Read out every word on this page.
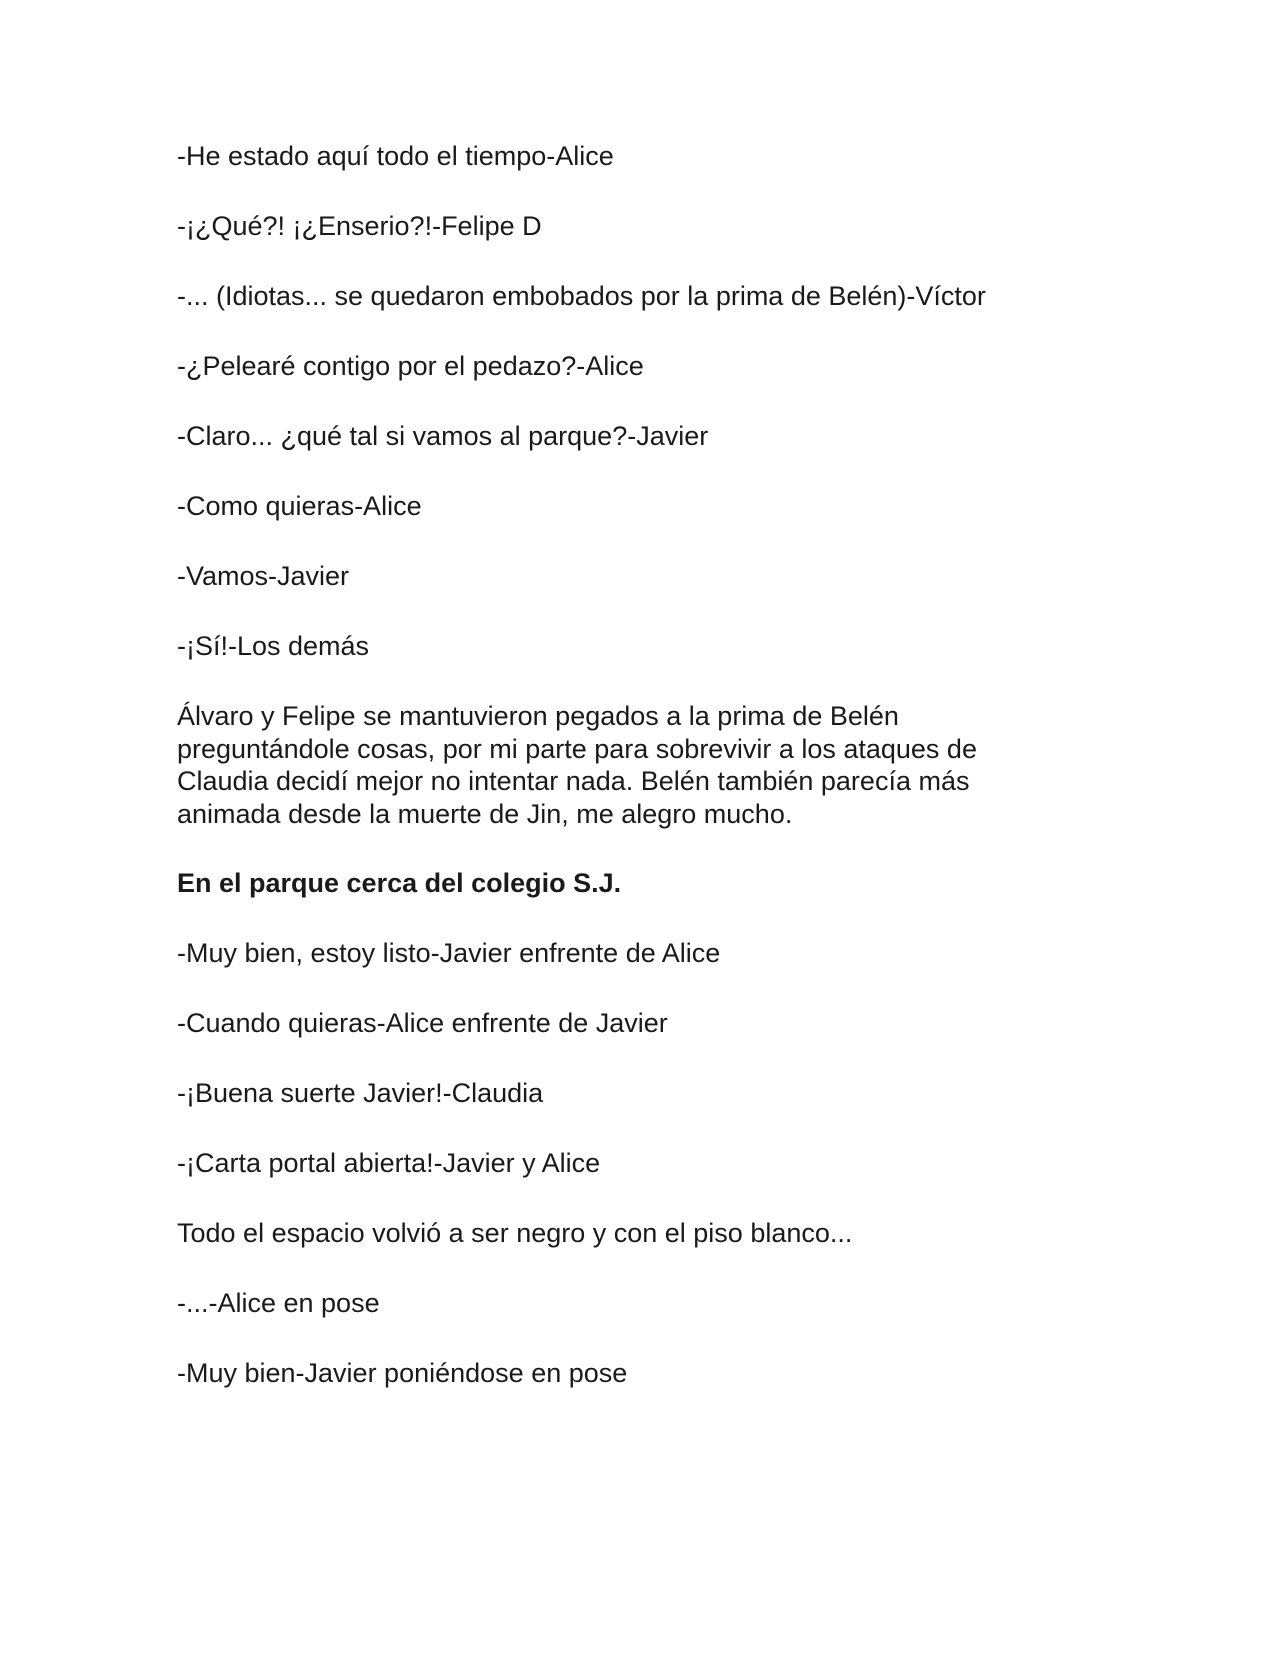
-He estado aquí todo el tiempo-Alice

-¡¿Qué?! ¡¿Enserio?!-Felipe D

-... (Idiotas... se quedaron embobados por la prima de Belén)-Víctor

-¿Pelearé contigo por el pedazo?-Alice

-Claro... ¿qué tal si vamos al parque?-Javier

-Como quieras-Alice

-Vamos-Javier

-¡Sí!-Los demás

Álvaro y Felipe se mantuvieron pegados a la prima de Belén
preguntándole cosas, por mi parte para sobrevivir a los ataques de
Claudia decidí mejor no intentar nada. Belén también parecía más
animada desde la muerte de Jin, me alegro mucho.

En el parque cerca del colegio S.J.

-Muy bien, estoy listo-Javier enfrente de Alice

-Cuando quieras-Alice enfrente de Javier

-¡Buena suerte Javier!-Claudia

-¡Carta portal abierta!-Javier y Alice

Todo el espacio volvió a ser negro y con el piso blanco...

-...-Alice en pose

-Muy bien-Javier poniéndose en pose
